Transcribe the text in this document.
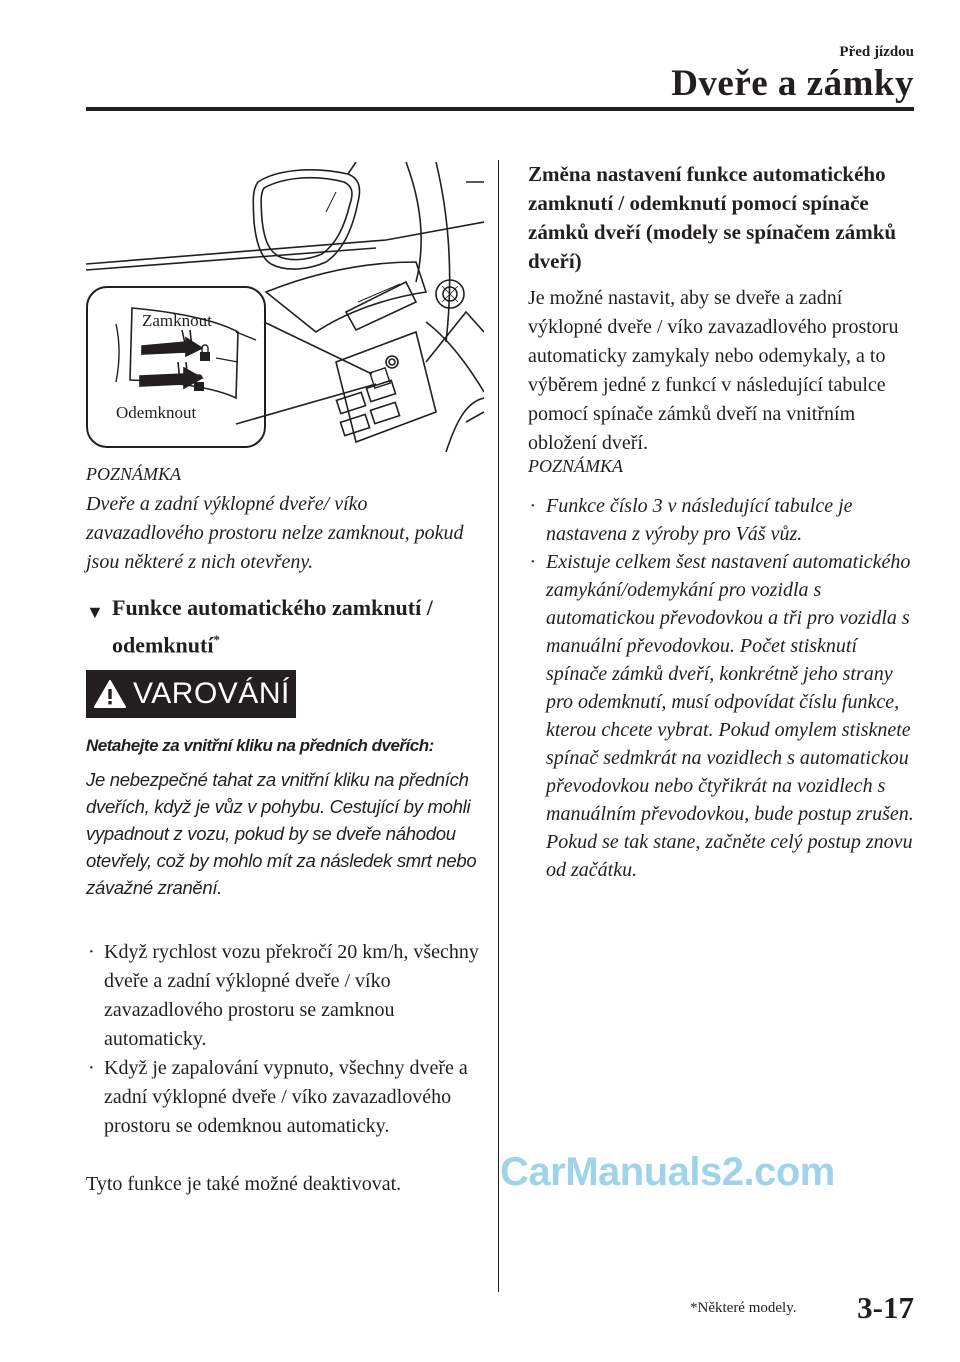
Před jízdou
Dveře a zámky
Zamknout
Odemknout
POZNÁMKA

Dveře a zadní výklopné dveře/ víko zavazadlového prostoru nelze zamknout, pokud jsou některé z nich otevřeny.

▼ Funkce automatického zamknutí / odemknutí*
VAROVÁNÍ
Netahejte za vnitřní kliku na předních dveřích:

Je nebezpečné tahat za vnitřní kliku na předních dveřích, když je vůz v pohybu. Cestující by mohli vypadnout z vozu, pokud by se dveře náhodou otevřely, což by mohlo mít za následek smrt nebo závažné zranění.

· Když rychlost vozu překročí 20 km/h, všechny dveře a zadní výklopné dveře / víko zavazadlového prostoru se zamknou automaticky.
· Když je zapalování vypnuto, všechny dveře a zadní výklopné dveře / víko zavazadlového prostoru se odemknou automaticky.

Tyto funkce je také možné deaktivovat.

Změna nastavení funkce automatického zamknutí / odemknutí pomocí spínače zámků dveří (modely se spínačem zámků dveří)

Je možné nastavit, aby se dveře a zadní výklopné dveře / víko zavazadlového prostoru automaticky zamykaly nebo odemykaly, a to výběrem jedné z funkcí v následující tabulce pomocí spínače zámků dveří na vnitřním obložení dveří.

POZNÁMKA
· Funkce číslo 3 v následující tabulce je nastavena z výroby pro Váš vůz.
· Existuje celkem šest nastavení automatického zamykání/odemykání pro vozidla s automatickou převodovkou a tři pro vozidla s manuální převodovkou. Počet stisknutí spínače zámků dveří, konkrétně jeho strany pro odemknutí, musí odpovídat číslu funkce, kterou chcete vybrat. Pokud omylem stisknete spínač sedmkrát na vozidlech s automatickou převodovkou nebo čtyřikrát na vozidlech s manuálním převodovkou, bude postup zrušen. Pokud se tak stane, začněte celý postup znovu od začátku.
CarManuals2.com
*Některé modely. 3-17
